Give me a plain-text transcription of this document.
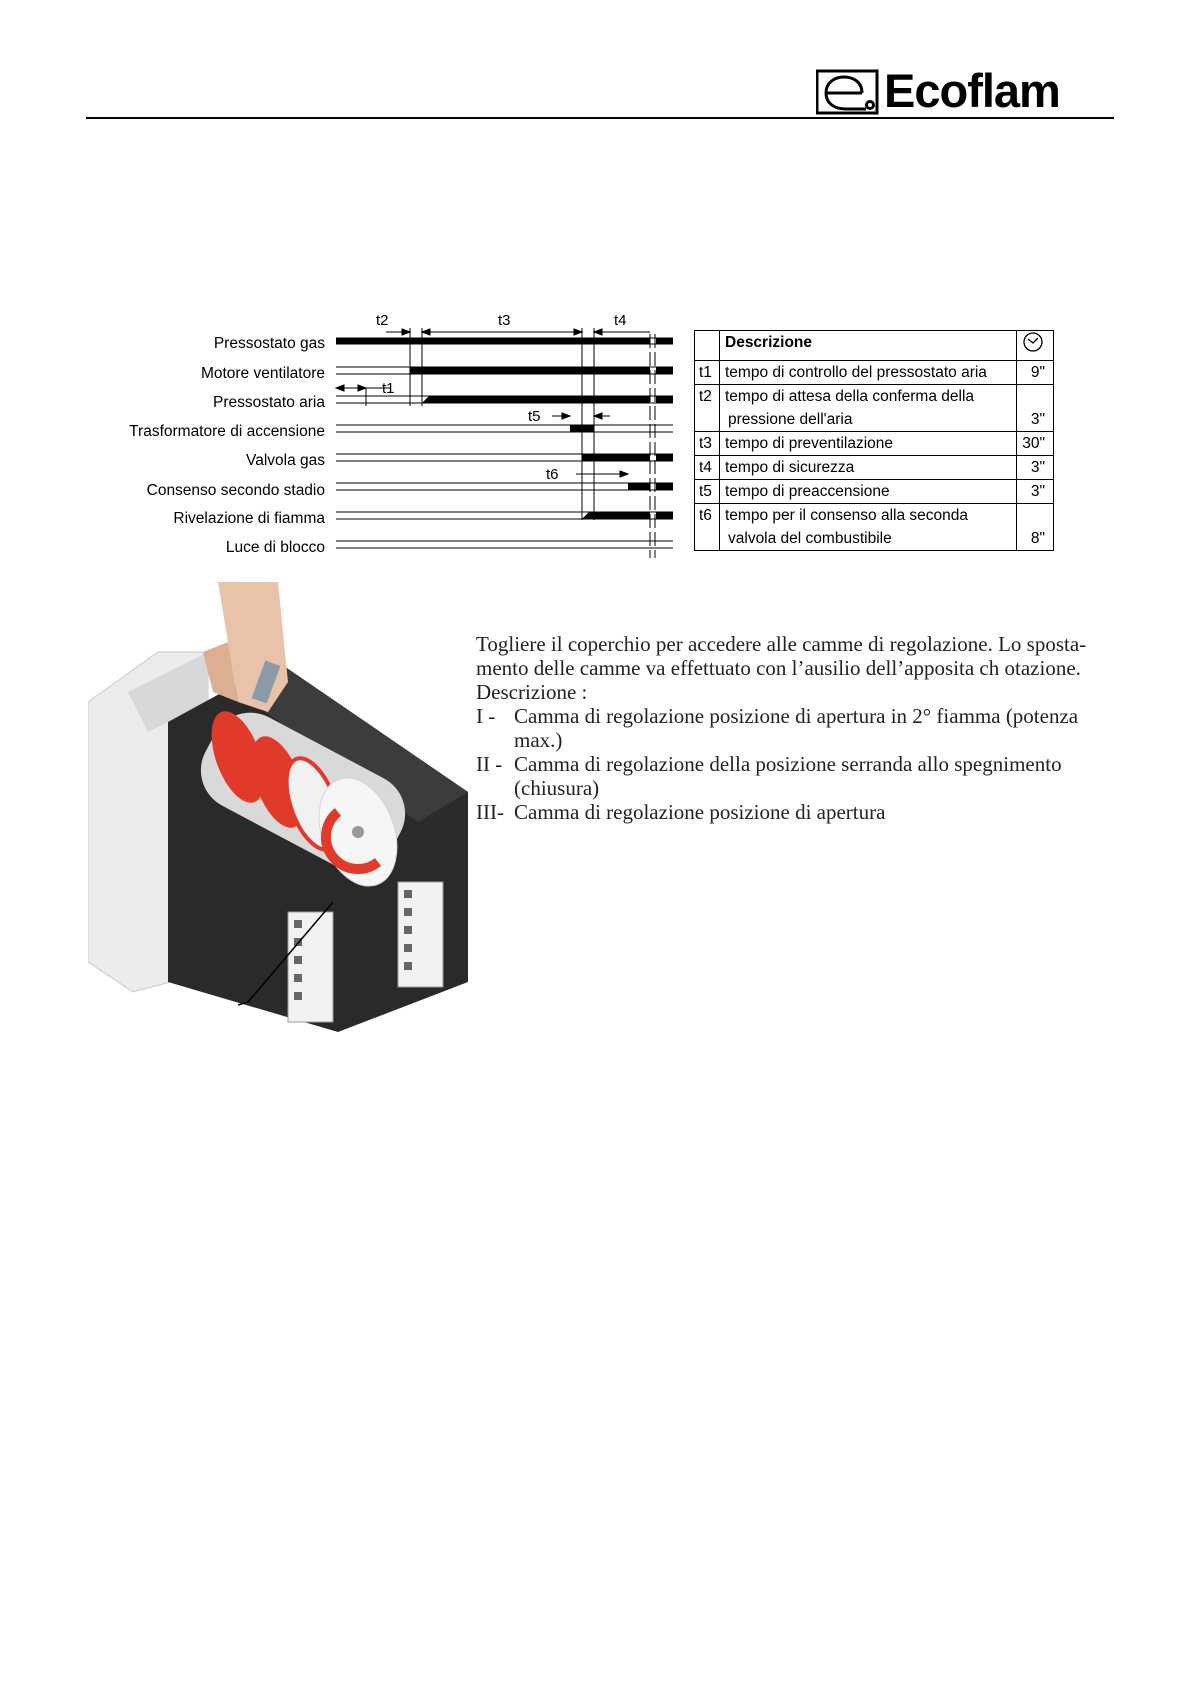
Ecoflam
Pressostato gas
Motore ventilatore
Pressostato aria
Trasformatore di accensione
Valvola gas
Consenso secondo stadio
Rivelazione di fiamma
Luce di blocco
t2	t3	t4
t1
t5
t6
	Descrizione	
t1	tempo di controllo del pressostato aria	9"
t2	tempo di attesa della conferma della
pressione dell'aria	3"
t3	tempo di preventilazione	30"
t4	tempo di sicurezza	3"
t5	tempo di preaccensione	3"
t6	tempo per il consenso alla seconda
valvola del combustibile	8"

Togliere il coperchio per accedere alle camme di regolazione. Lo sposta- mento delle camme va effettuato con l’ausilio dell’apposita ch otazione. Descrizione :

I - Camma di regolazione posizione di apertura in 2° fiamma (potenza max.)
II - Camma di regolazione della posizione serranda allo spegnimento (chiusura)
III- Camma di regolazione posizione di apertura
